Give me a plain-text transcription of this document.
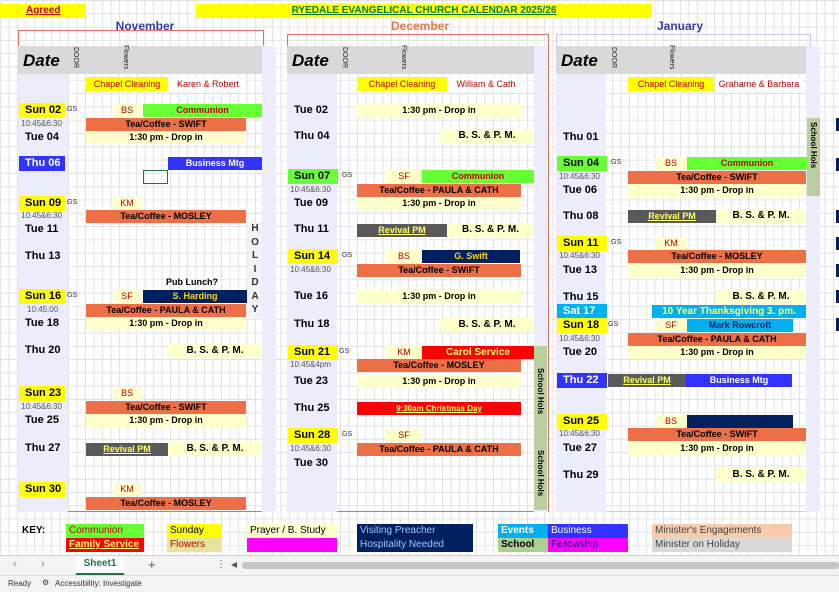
Agreed	RYEDALE EVANGELICAL CHURCH CALENDAR 2025/26
November	December	January
Date	Date	Date
DOOR	Flowers	DOOR	Flowers	DOOR	Flowers
Chapel Cleaning	Karen & Robert	Chapel Cleaning	William & Cath	Chapel Cleaning	Grahame & Barbara
Sun 02 GS	BS	Communion
10:45&6:30	Tea/Coffee - SWIFT
Tue 04	1:30 pm - Drop in
Thu 06	Business Mtg
Sun 09 GS	KM
10:45&6:30	Tea/Coffee - MOSLEY
Tue 11
Thu 13
Pub Lunch?
Sun 16 GS	SF	S. Harding
10:45:00	Tea/Coffee - PAULA & CATH
Tue 18	1:30 pm - Drop in
Thu 20	B. S. & P. M.
Sun 23	BS
10:45&6:30	Tea/Coffee - SWIFT
Tue 25	1:30 pm - Drop in
Thu 27	Revival PM	B. S. & P. M.
Sun 30	KM
Tea/Coffee - MOSLEY
H
O
L
I
D
A
Y
Tue 02	1:30 pm - Drop in
Thu 04	B. S. & P. M.
Sun 07	GS	SF	Communion
10:45&6:30	Tea/Coffee - PAULA & CATH
Tue 09	1:30 pm - Drop in
Thu 11	Revival PM	B. S. & P. M.
Sun 14	GS	BS	G. Swift
10:45&6:30	Tea/Coffee - SWIFT
Tue 16	1:30 pm - Drop in
Thu 18	B. S. & P. M.
Sun 21	GS	KM	Carol Service
10:45&4pm	Tea/Coffee - MOSLEY
Tue 23	1:30 pm - Drop in
Thu 25	9:30am Christmas Day
Sun 28	GS	SF
10:45&6:30	Tea/Coffee - PAULA & CATH
Tue 30
School Hols
School Hols
Thu 01
Sun 04	GS	BS	Communion
10:45&6:30	Tea/Coffee - SWIFT
Tue 06	1:30 pm - Drop in
Thu 08	Revival PM	B. S. & P. M.
Sun 11	GS	KM
10:45&6:30	Tea/Coffee - MOSLEY
Tue 13	1:30 pm - Drop in
Thu 15	B. S. & P. M.
Sat 17	10 Year Thanksgiving 3. pm.
Sun 18	GS	SF	Mark Rowcroft
10:45&6:30	Tea/Coffee - PAULA & CATH
Tue 20	1:30 pm - Drop in
Thu 22	Revival PM	Business Mtg
Sun 25	BS
10:45&6:30	Tea/Coffee - SWIFT
Tue 27	1:30 pm - Drop in
Thu 29	B. S. & P. M.
School Hols
KEY:	Communion
Family Service
Sunday
Flowers
Prayer / B. Study	Visiting Preacher
Hospitality Needed
Events
School
Business
Fellowship
Minister's Engagements
Minister on Holiday
‹ ›	Sheet1	+	⋮ ◀
Ready ⚙ Accessibility: Investigate
